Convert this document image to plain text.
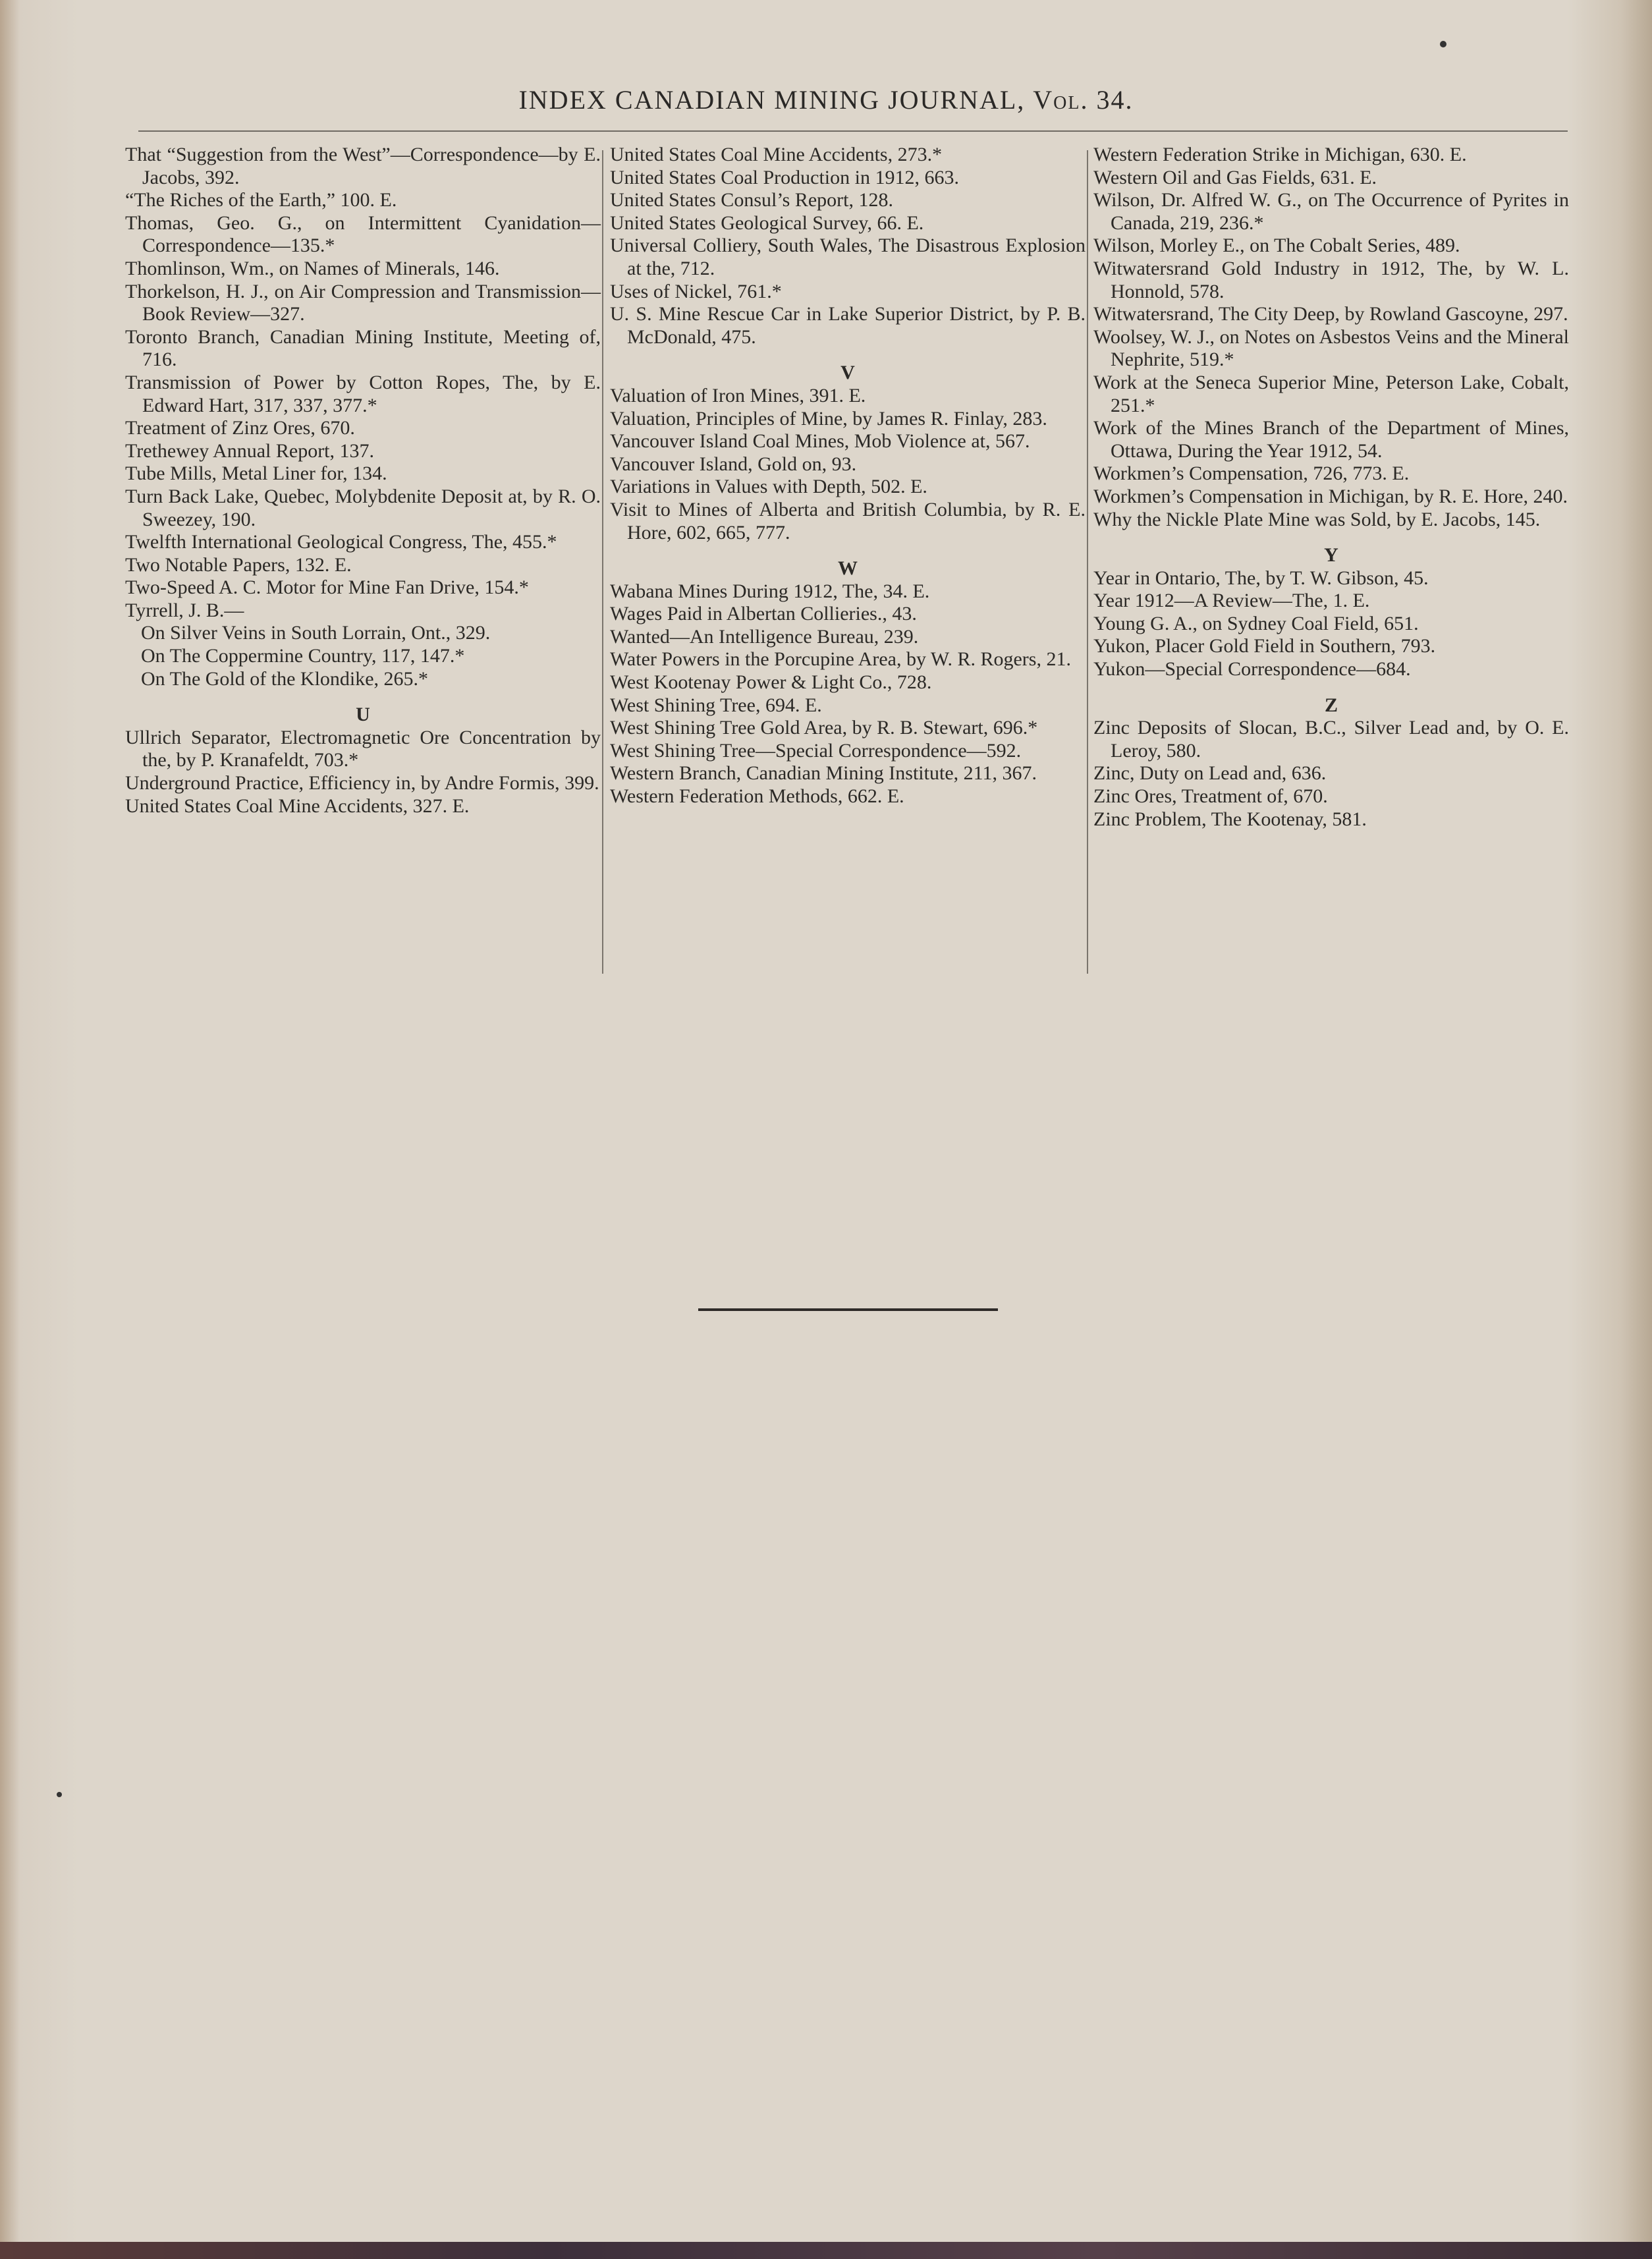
INDEX CANADIAN MINING JOURNAL, Vol. 34.

That “Suggestion from the West”—Correspondence—by E. Jacobs, 392.

“The Riches of the Earth,” 100. E.

Thomas, Geo. G., on Intermittent Cyanidation—Correspondence—135.*

Thomlinson, Wm., on Names of Minerals, 146.

Thorkelson, H. J., on Air Compression and Transmission—Book Review—327.

Toronto Branch, Canadian Mining Institute, Meeting of, 716.

Transmission of Power by Cotton Ropes, The, by E. Edward Hart, 317, 337, 377.*

Treatment of Zinz Ores, 670.

Trethewey Annual Report, 137.

Tube Mills, Metal Liner for, 134.

Turn Back Lake, Quebec, Molybdenite Deposit at, by R. O. Sweezey, 190.

Twelfth International Geological Congress, The, 455.*

Two Notable Papers, 132. E.

Two-Speed A. C. Motor for Mine Fan Drive, 154.*

Tyrrell, J. B.—

On Silver Veins in South Lorrain, Ont., 329.

On The Coppermine Country, 117, 147.*

On The Gold of the Klondike, 265.*

U

Ullrich Separator, Electromagnetic Ore Concentration by the, by P. Kranafeldt, 703.*

Underground Practice, Efficiency in, by Andre Formis, 399.

United States Coal Mine Accidents, 327. E.

United States Coal Mine Accidents, 273.*

United States Coal Production in 1912, 663.

United States Consul’s Report, 128.

United States Geological Survey, 66. E.

Universal Colliery, South Wales, The Disastrous Explosion at the, 712.

Uses of Nickel, 761.*

U. S. Mine Rescue Car in Lake Superior District, by P. B. McDonald, 475.

V

Valuation of Iron Mines, 391. E.

Valuation, Principles of Mine, by James R. Finlay, 283.

Vancouver Island Coal Mines, Mob Violence at, 567.

Vancouver Island, Gold on, 93.

Variations in Values with Depth, 502. E.

Visit to Mines of Alberta and British Columbia, by R. E. Hore, 602, 665, 777.

W

Wabana Mines During 1912, The, 34. E.

Wages Paid in Albertan Collieries., 43.

Wanted—An Intelligence Bureau, 239.

Water Powers in the Porcupine Area, by W. R. Rogers, 21.

West Kootenay Power & Light Co., 728.

West Shining Tree, 694. E.

West Shining Tree Gold Area, by R. B. Stewart, 696.*

West Shining Tree—Special Correspondence—592.

Western Branch, Canadian Mining Institute, 211, 367.

Western Federation Methods, 662. E.

Western Federation Strike in Michigan, 630. E.

Western Oil and Gas Fields, 631. E.

Wilson, Dr. Alfred W. G., on The Occurrence of Pyrites in Canada, 219, 236.*

Wilson, Morley E., on The Cobalt Series, 489.

Witwatersrand Gold Industry in 1912, The, by W. L. Honnold, 578.

Witwatersrand, The City Deep, by Rowland Gascoyne, 297.

Woolsey, W. J., on Notes on Asbestos Veins and the Mineral Nephrite, 519.*

Work at the Seneca Superior Mine, Peterson Lake, Cobalt, 251.*

Work of the Mines Branch of the Department of Mines, Ottawa, During the Year 1912, 54.

Workmen’s Compensation, 726, 773. E.

Workmen’s Compensation in Michigan, by R. E. Hore, 240.

Why the Nickle Plate Mine was Sold, by E. Jacobs, 145.

Y

Year in Ontario, The, by T. W. Gibson, 45.

Year 1912—A Review—The, 1. E.

Young G. A., on Sydney Coal Field, 651.

Yukon, Placer Gold Field in Southern, 793.

Yukon—Special Correspondence—684.

Z

Zinc Deposits of Slocan, B.C., Silver Lead and, by O. E. Leroy, 580.

Zinc, Duty on Lead and, 636.

Zinc Ores, Treatment of, 670.

Zinc Problem, The Kootenay, 581.
